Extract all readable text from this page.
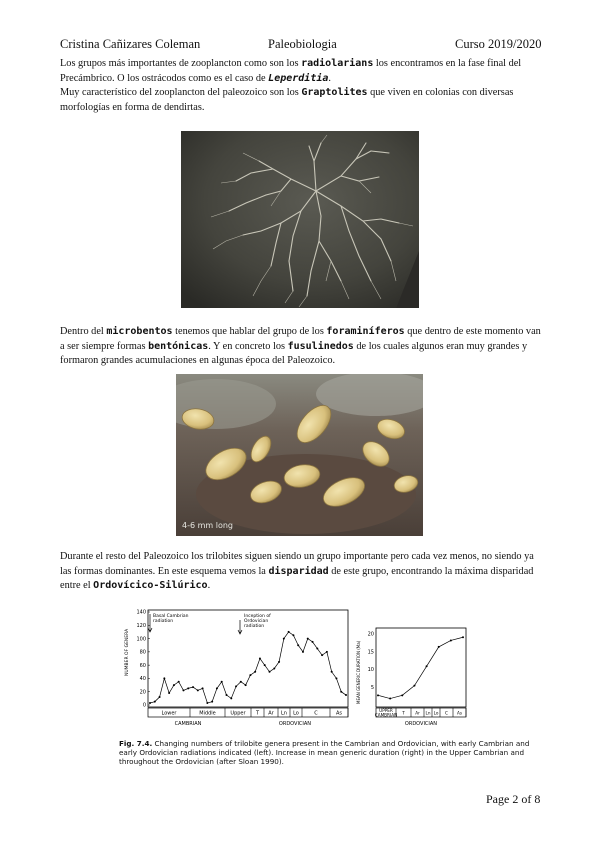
Cristina Cañizares Coleman	Paleobiologia	Curso 2019/2020

Los grupos más importantes de zooplancton como son los radiolarians los encontramos en la fase final del Precámbrico. O los ostrácodos como es el caso de Leperditia.

Muy característico del zooplancton del paleozoico son los Graptolites que viven en colonias con diversas morfologías en forma de dendirtas.

Dentro del microbentos tenemos que hablar del grupo de los foraminíferos que dentro de este momento van a ser siempre formas bentónicas. Y en concreto los fusulinedos de los cuales algunos eran muy grandes y formaron grandes acumulaciones en algunas época del Paleozoico.

4-6 mm long

Durante el resto del Paleozoico los trilobites siguen siendo un grupo importante pero cada vez menos, no siendo ya las formas dominantes. En este esquema vemos la disparidad de este grupo, encontrando la máxima disparidad entre el Ordovícico-Silúrico.

NUMBER OF GENERA
140
120
100
80
60
40
20
0
Basal Cambrian
radiation
Inception of
Ordovician
radiation
Lower	Middle	Upper T Ar Ln Lo	C	As
CAMBRIAN	ORDOVICIAN
MEAN GENERIC DURATION (Ma)
20
15
10
5
UPPER
CAMBRIAN T Ar Ln Lo C As
ORDOVICIAN

Fig. 7.4. Changing numbers of trilobite genera present in the Cambrian and Ordovician, with early Cambrian and early Ordovician radiations indicated (left). Increase in mean generic duration (right) in the Upper Cambrian and throughout the Ordovician (after Sloan 1990).

Page 2 of 8
